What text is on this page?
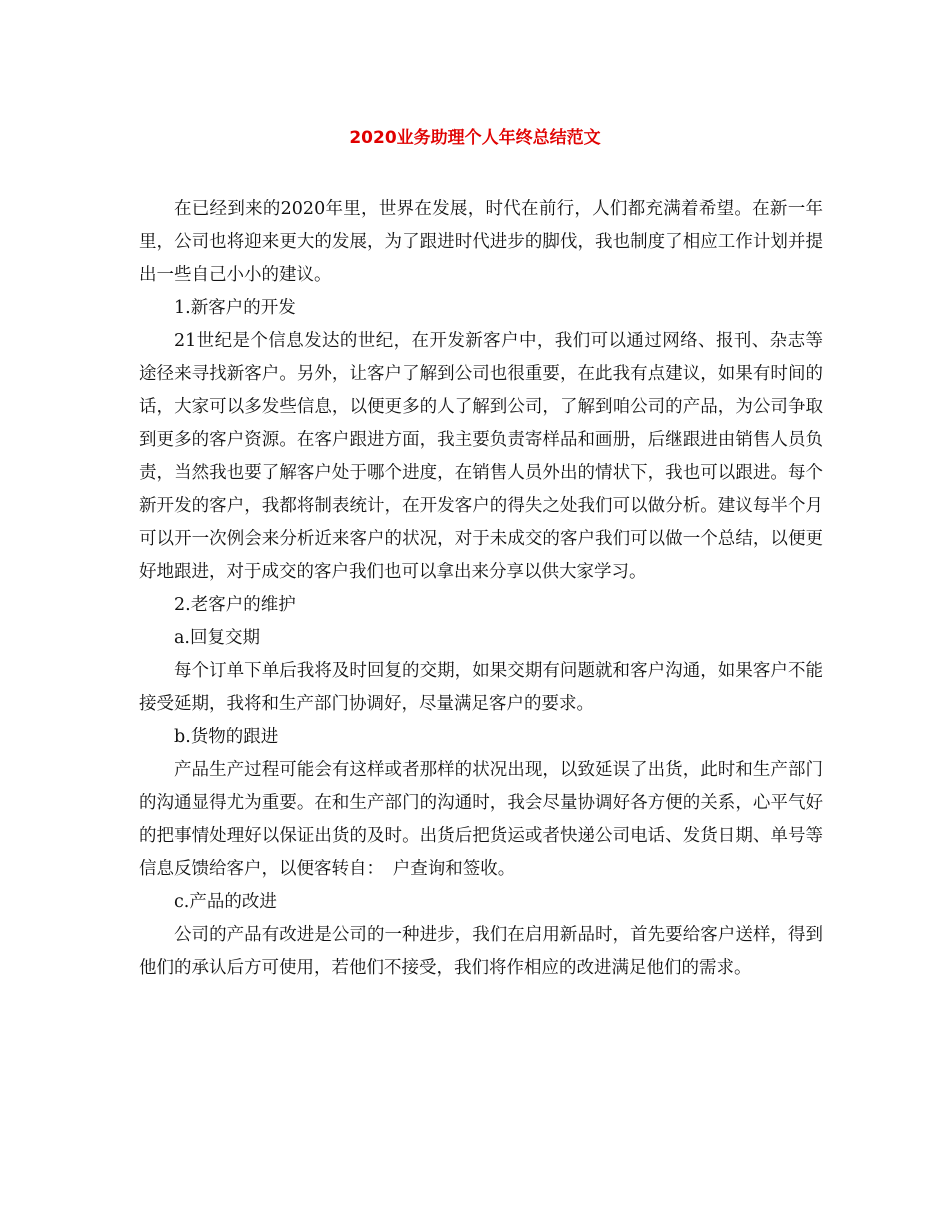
2020业务助理个人年终总结范文

在已经到来的2020年里，世界在发展，时代在前行，人们都充满着希望。在新一年里，公司也将迎来更大的发展，为了跟进时代进步的脚伐，我也制度了相应工作计划并提出一些自己小小的建议。

1.新客户的开发

21世纪是个信息发达的世纪，在开发新客户中，我们可以通过网络、报刊、杂志等途径来寻找新客户。另外，让客户了解到公司也很重要，在此我有点建议，如果有时间的话，大家可以多发些信息，以便更多的人了解到公司，了解到咱公司的产品，为公司争取到更多的客户资源。在客户跟进方面，我主要负责寄样品和画册，后继跟进由销售人员负责，当然我也要了解客户处于哪个进度，在销售人员外出的情状下，我也可以跟进。每个新开发的客户，我都将制表统计，在开发客户的得失之处我们可以做分析。建议每半个月可以开一次例会来分析近来客户的状况，对于未成交的客户我们可以做一个总结，以便更好地跟进，对于成交的客户我们也可以拿出来分享以供大家学习。

2.老客户的维护

a.回复交期

每个订单下单后我将及时回复的交期，如果交期有问题就和客户沟通，如果客户不能接受延期，我将和生产部门协调好，尽量满足客户的要求。

b.货物的跟进

产品生产过程可能会有这样或者那样的状况出现，以致延误了出货，此时和生产部门的沟通显得尤为重要。在和生产部门的沟通时，我会尽量协调好各方便的关系，心平气好的把事情处理好以保证出货的及时。出货后把货运或者快递公司电话、发货日期、单号等信息反馈给客户，以便客转自：　户查询和签收。

c.产品的改进

公司的产品有改进是公司的一种进步，我们在启用新品时，首先要给客户送样，得到他们的承认后方可使用，若他们不接受，我们将作相应的改进满足他们的需求。
